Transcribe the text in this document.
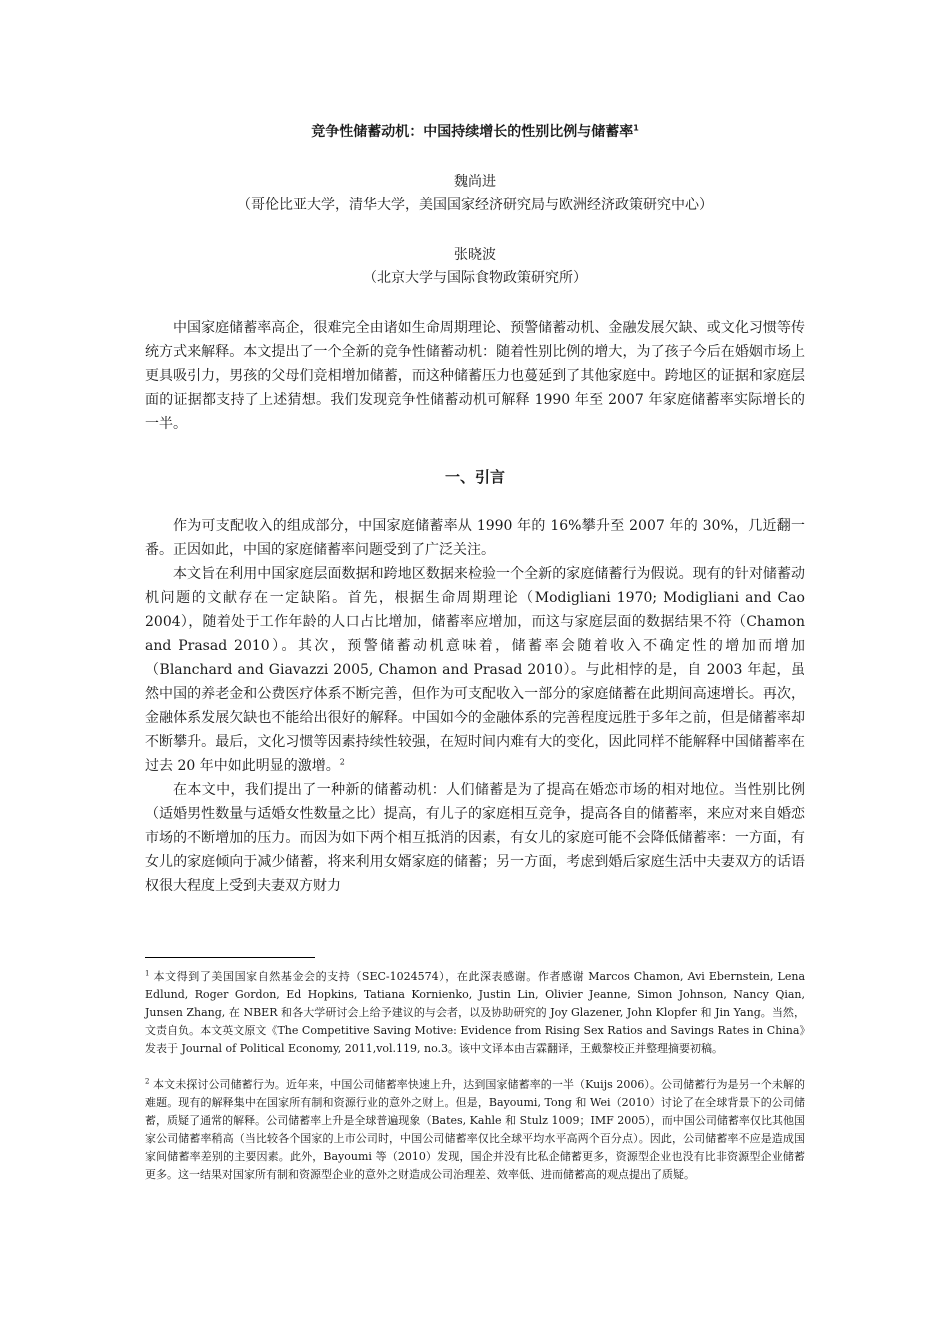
竞争性储蓄动机：中国持续增长的性别比例与储蓄率$^1$
魏尚进
（哥伦比亚大学，清华大学，美国国家经济研究局与欧洲经济政策研究中心）
张晓波
（北京大学与国际食物政策研究所）

中国家庭储蓄率高企，很难完全由诸如生命周期理论、预警储蓄动机、金融发展欠缺、或文化习惯等传统方式来解释。本文提出了一个全新的竞争性储蓄动机：随着性别比例的增大，为了孩子今后在婚姻市场上更具吸引力，男孩的父母们竞相增加储蓄，而这种储蓄压力也蔓延到了其他家庭中。跨地区的证据和家庭层面的证据都支持了上述猜想。我们发现竞争性储蓄动机可解释 1990 年至 2007 年家庭储蓄率实际增长的一半。

一、引言

作为可支配收入的组成部分，中国家庭储蓄率从 1990 年的 16%攀升至 2007 年的 30%，几近翻一番。正因如此，中国的家庭储蓄率问题受到了广泛关注。

本文旨在利用中国家庭层面数据和跨地区数据来检验一个全新的家庭储蓄行为假说。现有的针对储蓄动机问题的文献存在一定缺陷。首先，根据生命周期理论（Modigliani 1970; Modigliani and Cao 2004），随着处于工作年龄的人口占比增加，储蓄率应增加，而这与家庭层面的数据结果不符（Chamon and Prasad 2010）。其次，预警储蓄动机意味着，储蓄率会随着收入不确定性的增加而增加（Blanchard and Giavazzi 2005, Chamon and Prasad 2010）。与此相悖的是，自 2003 年起，虽然中国的养老金和公费医疗体系不断完善，但作为可支配收入一部分的家庭储蓄在此期间高速增长。再次，金融体系发展欠缺也不能给出很好的解释。中国如今的金融体系的完善程度远胜于多年之前，但是储蓄率却不断攀升。最后，文化习惯等因素持续性较强，在短时间内难有大的变化，因此同样不能解释中国储蓄率在过去 20 年中如此明显的激增。$^2$

在本文中，我们提出了一种新的储蓄动机：人们储蓄是为了提高在婚恋市场的相对地位。当性别比例（适婚男性数量与适婚女性数量之比）提高，有儿子的家庭相互竞争，提高各自的储蓄率，来应对来自婚恋市场的不断增加的压力。而因为如下两个相互抵消的因素，有女儿的家庭可能不会降低储蓄率：一方面，有女儿的家庭倾向于减少储蓄，将来利用女婿家庭的储蓄；另一方面，考虑到婚后家庭生活中夫妻双方的话语权很大程度上受到夫妻双方财力

$^1$ 本文得到了美国国家自然基金会的支持（SEC-1024574），在此深表感谢。作者感谢 Marcos Chamon, Avi Ebernstein, Lena Edlund, Roger Gordon, Ed Hopkins, Tatiana Kornienko, Justin Lin, Olivier Jeanne, Simon Johnson, Nancy Qian, Junsen Zhang, 在 NBER 和各大学研讨会上给予建议的与会者，以及协助研究的 Joy Glazener, John Klopfer 和 Jin Yang。当然，文责自负。本文英文原文《The Competitive Saving Motive: Evidence from Rising Sex Ratios and Savings Rates in China》发表于 Journal of Political Economy, 2011,vol.119, no.3。该中文译本由吉霖翻译，王戴黎校正并整理摘要初稿。

$^2$ 本文未探讨公司储蓄行为。近年来，中国公司储蓄率快速上升，达到国家储蓄率的一半（Kuijs 2006）。公司储蓄行为是另一个未解的难题。现有的解释集中在国家所有制和资源行业的意外之财上。但是，Bayoumi, Tong 和 Wei（2010）讨论了在全球背景下的公司储蓄，质疑了通常的解释。公司储蓄率上升是全球普遍现象（Bates, Kahle 和 Stulz 1009；IMF 2005），而中国公司储蓄率仅比其他国家公司储蓄率稍高（当比较各个国家的上市公司时，中国公司储蓄率仅比全球平均水平高两个百分点）。因此，公司储蓄率不应是造成国家间储蓄率差别的主要因素。此外，Bayoumi 等（2010）发现，国企并没有比私企储蓄更多，资源型企业也没有比非资源型企业储蓄更多。这一结果对国家所有制和资源型企业的意外之财造成公司治理差、效率低、进而储蓄高的观点提出了质疑。
